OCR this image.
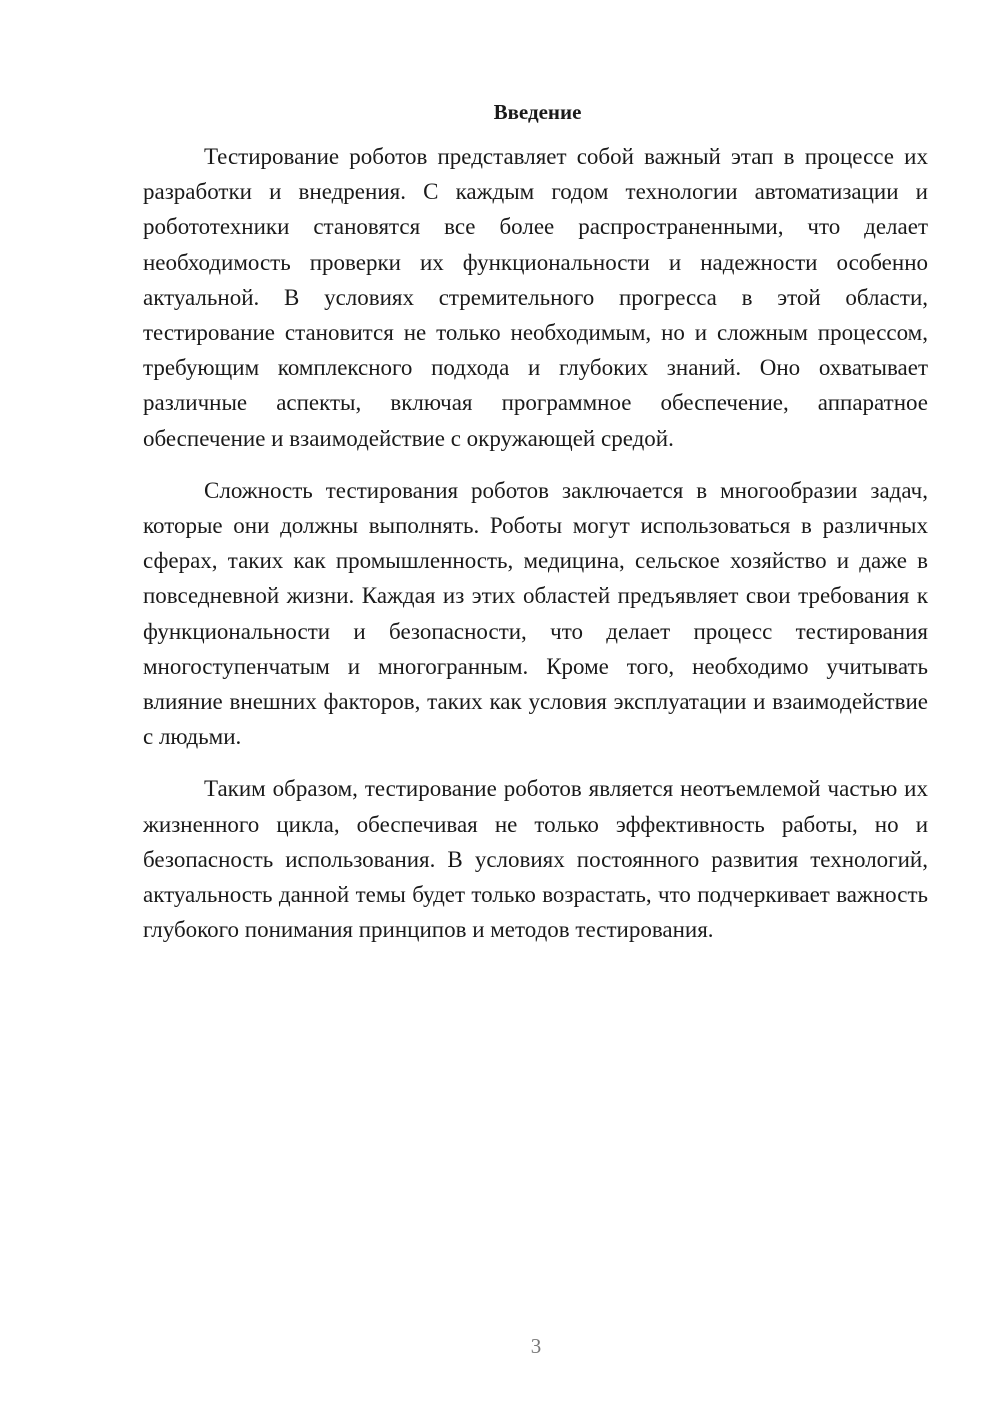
Введение

Тестирование роботов представляет собой важный этап в процессе их разработки и внедрения. С каждым годом технологии автоматизации и робототехники становятся все более распространенными, что делает необходимость проверки их функциональности и надежности особенно актуальной. В условиях стремительного прогресса в этой области, тестирование становится не только необходимым, но и сложным процессом, требующим комплексного подхода и глубоких знаний. Оно охватывает различные аспекты, включая программное обеспечение, аппаратное обеспечение и взаимодействие с окружающей средой.

Сложность тестирования роботов заключается в многообразии задач, которые они должны выполнять. Роботы могут использоваться в различных сферах, таких как промышленность, медицина, сельское хозяйство и даже в повседневной жизни. Каждая из этих областей предъявляет свои требования к функциональности и безопасности, что делает процесс тестирования многоступенчатым и многогранным. Кроме того, необходимо учитывать влияние внешних факторов, таких как условия эксплуатации и взаимодействие с людьми.

Таким образом, тестирование роботов является неотъемлемой частью их жизненного цикла, обеспечивая не только эффективность работы, но и безопасность использования. В условиях постоянного развития технологий, актуальность данной темы будет только возрастать, что подчеркивает важность глубокого понимания принципов и методов тестирования.

3
